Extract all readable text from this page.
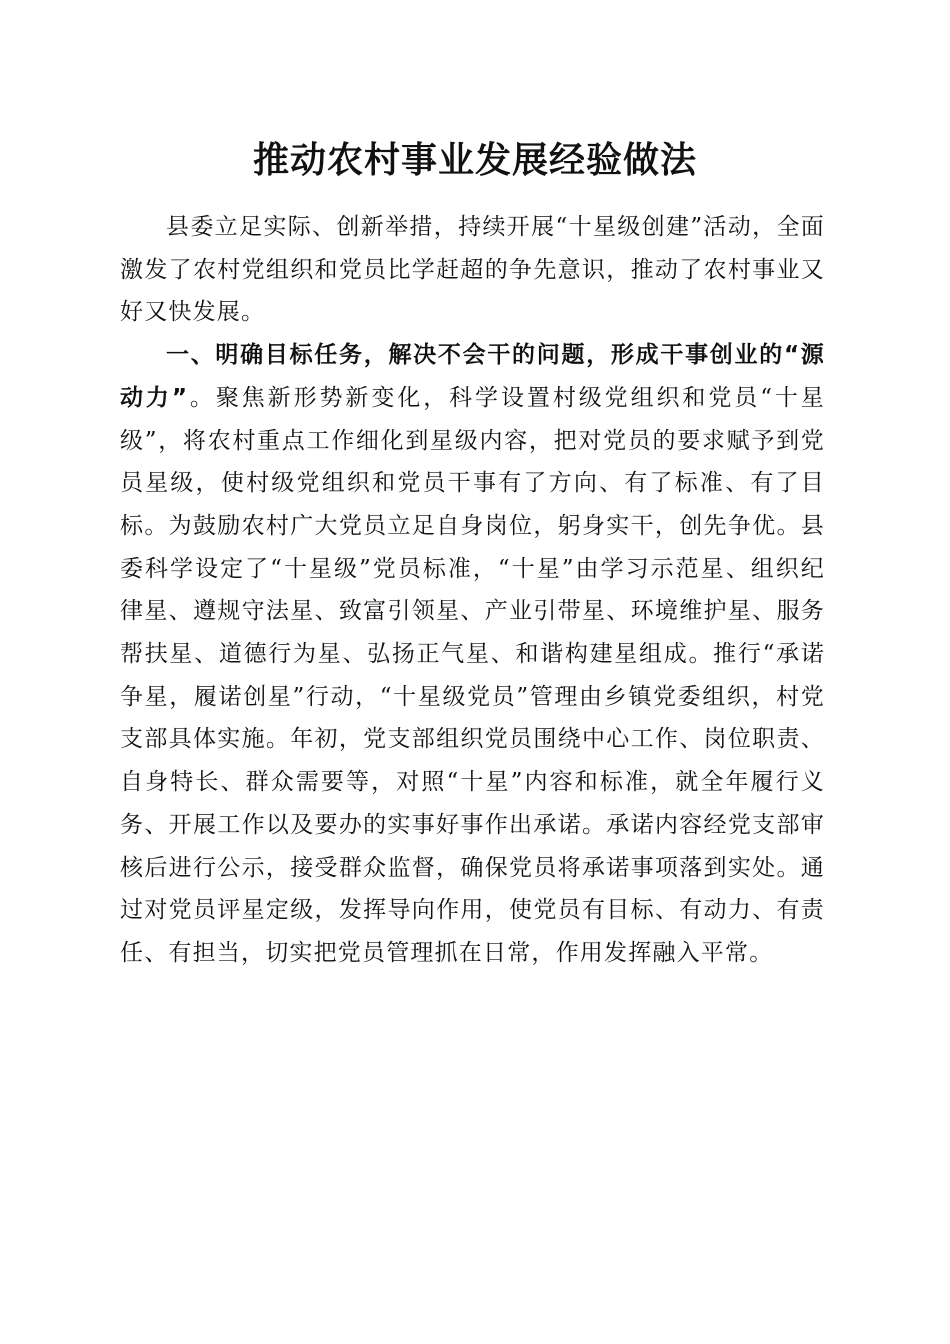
推动农村事业发展经验做法

县委立足实际、创新举措，持续开展“十星级创建”活动，全面激发了农村党组织和党员比学赶超的争先意识，推动了农村事业又好又快发展。

一、明确目标任务，解决不会干的问题，形成干事创业的“源动力”。聚焦新形势新变化，科学设置村级党组织和党员“十星级”，将农村重点工作细化到星级内容，把对党员的要求赋予到党员星级，使村级党组织和党员干事有了方向、有了标准、有了目标。为鼓励农村广大党员立足自身岗位，躬身实干，创先争优。县委科学设定了“十星级”党员标准，“十星”由学习示范星、组织纪律星、遵规守法星、致富引领星、产业引带星、环境维护星、服务帮扶星、道德行为星、弘扬正气星、和谐构建星组成。推行“承诺争星，履诺创星”行动，“十星级党员”管理由乡镇党委组织，村党支部具体实施。年初，党支部组织党员围绕中心工作、岗位职责、自身特长、群众需要等，对照“十星”内容和标准，就全年履行义务、开展工作以及要办的实事好事作出承诺。承诺内容经党支部审核后进行公示，接受群众监督，确保党员将承诺事项落到实处。通过对党员评星定级，发挥导向作用，使党员有目标、有动力、有责任、有担当，切实把党员管理抓在日常，作用发挥融入平常。
